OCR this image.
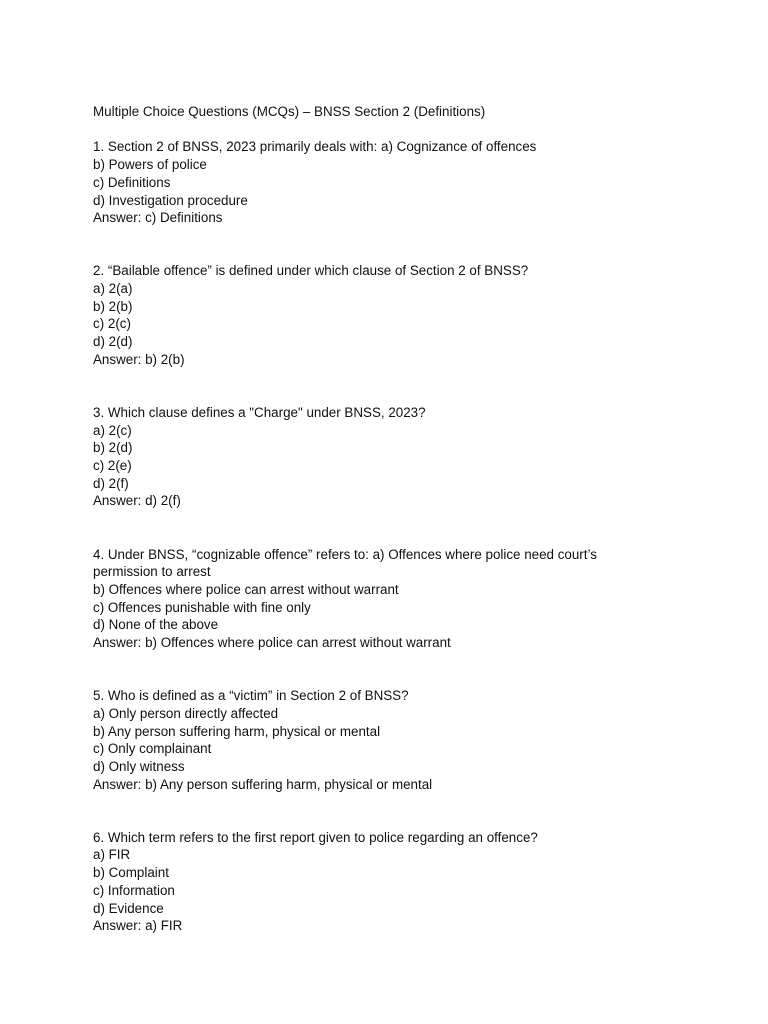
Multiple Choice Questions (MCQs) – BNSS Section 2 (Definitions)
1. Section 2 of BNSS, 2023 primarily deals with: a) Cognizance of offences
b) Powers of police
c) Definitions
d) Investigation procedure
Answer: c) Definitions
2. “Bailable offence” is defined under which clause of Section 2 of BNSS?
a) 2(a)
b) 2(b)
c) 2(c)
d) 2(d)
Answer: b) 2(b)
3. Which clause defines a "Charge" under BNSS, 2023?
a) 2(c)
b) 2(d)
c) 2(e)
d) 2(f)
Answer: d) 2(f)
4. Under BNSS, “cognizable offence” refers to: a) Offences where police need court’s permission to arrest
b) Offences where police can arrest without warrant
c) Offences punishable with fine only
d) None of the above
Answer: b) Offences where police can arrest without warrant
5. Who is defined as a “victim” in Section 2 of BNSS?
a) Only person directly affected
b) Any person suffering harm, physical or mental
c) Only complainant
d) Only witness
Answer: b) Any person suffering harm, physical or mental
6. Which term refers to the first report given to police regarding an offence?
a) FIR
b) Complaint
c) Information
d) Evidence
Answer: a) FIR
